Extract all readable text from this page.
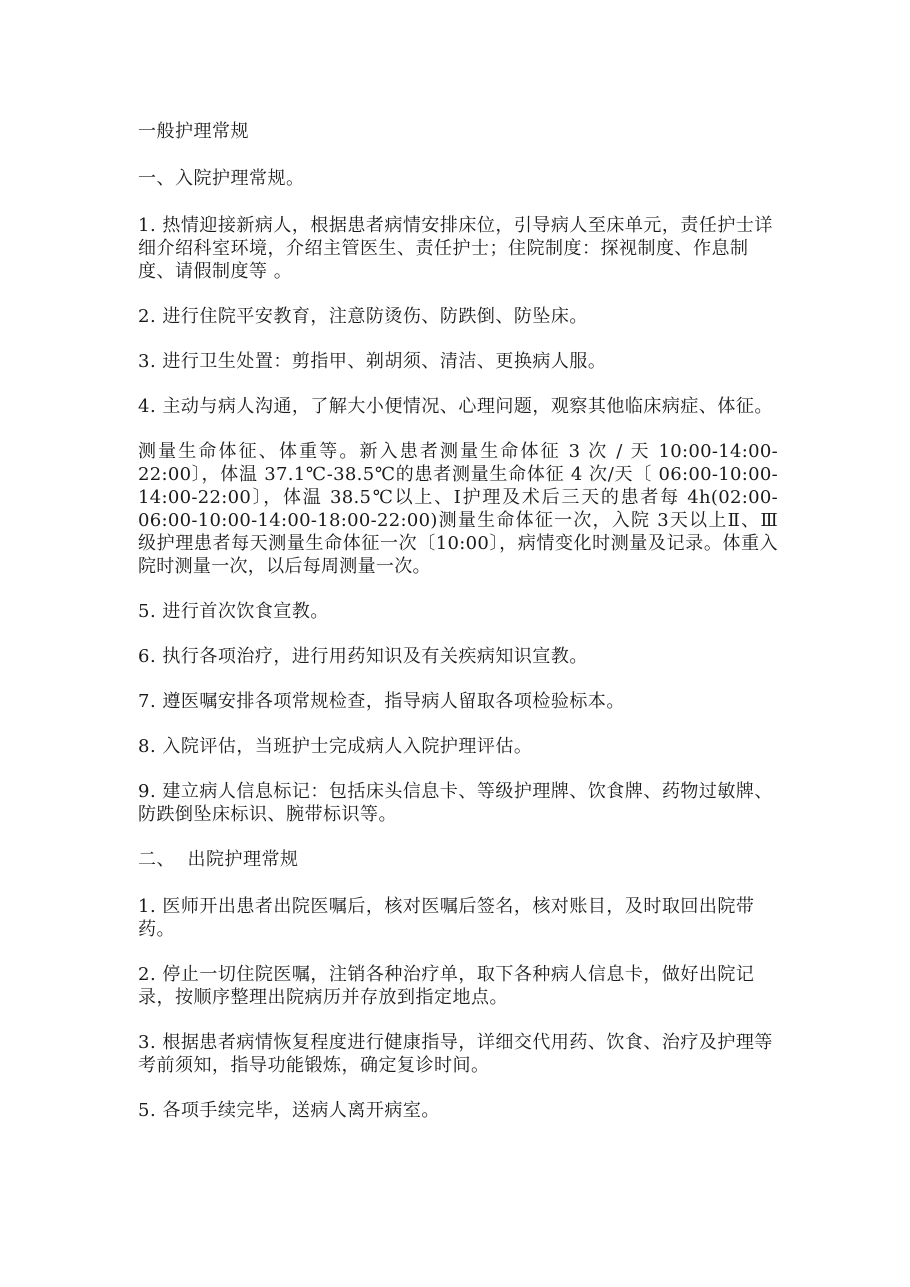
一般护理常规
一、入院护理常规。
1. 热情迎接新病人，根据患者病情安排床位，引导病人至床单元，责任护士详细介绍科室环境，介绍主管医生、责任护士；住院制度：探视制度、作息制度、请假制度等 。
2. 进行住院平安教育，注意防烫伤、防跌倒、防坠床。
3. 进行卫生处置：剪指甲、剃胡须、清洁、更换病人服。
4. 主动与病人沟通，了解大小便情况、心理问题，观察其他临床病症、体征。
测量生命体征、体重等。新入患者测量生命体征 3 次 / 天 10:00-14:00-22:00〕，体温 37.1℃-38.5℃的患者测量生命体征 4 次/天〔 06:00-10:00-14:00-22:00〕，体温 38.5℃以上、Ⅰ护理及术后三天的患者每 4h(02:00-06:00-10:00-14:00-18:00-22:00)测量生命体征一次，入院 3天以上Ⅱ、Ⅲ级护理患者每天测量生命体征一次〔10:00〕，病情变化时测量及记录。体重入院时测量一次，以后每周测量一次。
5. 进行首次饮食宣教。
6. 执行各项治疗，进行用药知识及有关疾病知识宣教。
7. 遵医嘱安排各项常规检查，指导病人留取各项检验标本。
8. 入院评估，当班护士完成病人入院护理评估。
9. 建立病人信息标记：包括床头信息卡、等级护理牌、饮食牌、药物过敏牌、防跌倒坠床标识、腕带标识等。
二、  出院护理常规
1. 医师开出患者出院医嘱后，核对医嘱后签名，核对账目，及时取回出院带药。
2. 停止一切住院医嘱，注销各种治疗单，取下各种病人信息卡，做好出院记录，按顺序整理出院病历并存放到指定地点。
3. 根据患者病情恢复程度进行健康指导，详细交代用药、饮食、治疗及护理等考前须知，指导功能锻炼，确定复诊时间。
5. 各项手续完毕，送病人离开病室。
